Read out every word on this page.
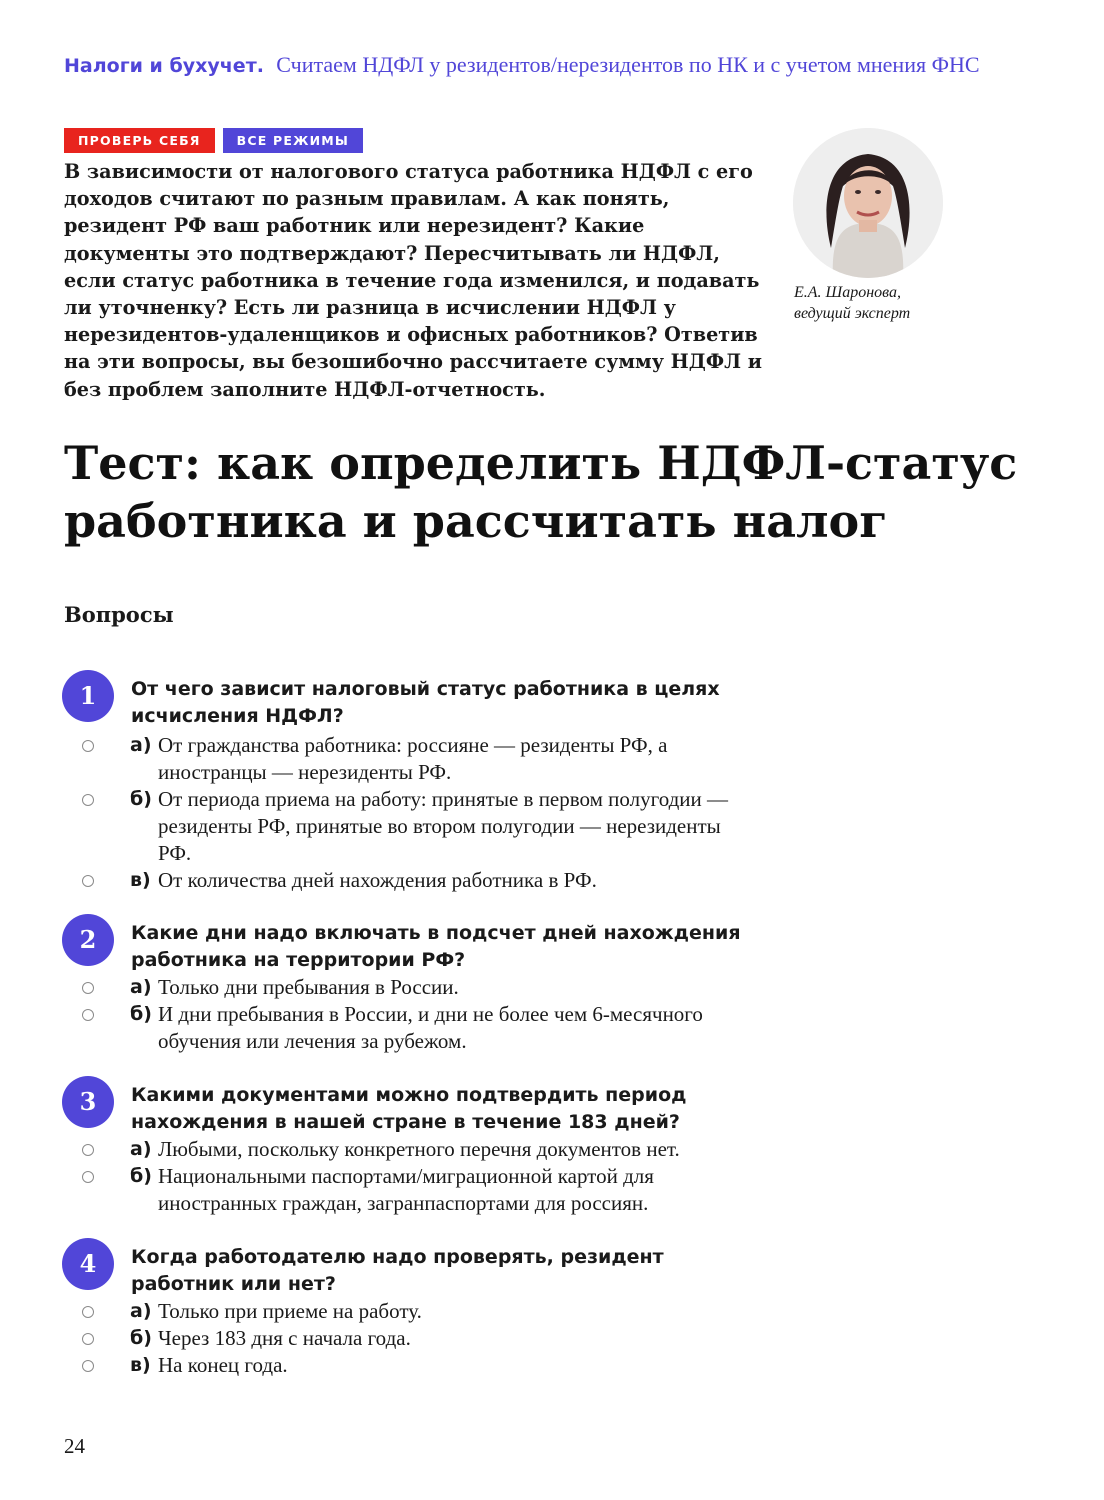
Налоги и бухучет. Считаем НДФЛ у резидентов/нерезидентов по НК и с учетом мнения ФНС
ПРОВЕРЬ СЕБЯ	ВСЕ РЕЖИМЫ

В зависимости от налогового статуса работника НДФЛ с его доходов считают по разным правилам. А как понять, резидент РФ ваш работник или нерезидент? Какие документы это подтверждают? Пересчитывать ли НДФЛ, если статус работника в течение года изменился, и подавать ли уточненку? Есть ли разница в исчислении НДФЛ у нерезидентов-удаленщиков и офисных работников? Ответив на эти вопросы, вы безошибочно рассчитаете сумму НДФЛ и без проблем заполните НДФЛ-отчетность.

Е.А. Шаронова,
ведущий эксперт

Тест: как определить НДФЛ-статус работника и рассчитать налог
Вопросы
1	От чего зависит налоговый статус работника в целях исчисления НДФЛ?

а) От гражданства работника: россияне — резиденты РФ, а иностранцы — нерезиденты РФ.

б) От периода приема на работу: принятые в первом полугодии — резиденты РФ, принятые во втором полугодии — нерезиденты РФ.

в) От количества дней нахождения работника в РФ.

2	Какие дни надо включать в подсчет дней нахождения работника на территории РФ?

а) Только дни пребывания в России.

б) И дни пребывания в России, и дни не более чем 6-месячного обучения или лечения за рубежом.

3	Какими документами можно подтвердить период нахождения в нашей стране в течение 183 дней?

а) Любыми, поскольку конкретного перечня документов нет.

б) Национальными паспортами/миграционной картой для иностранных граждан, загранпаспортами для россиян.

4	Когда работодателю надо проверять, резидент работник или нет?

а) Только при приеме на работу.

б) Через 183 дня с начала года.

в) На конец года.

24
